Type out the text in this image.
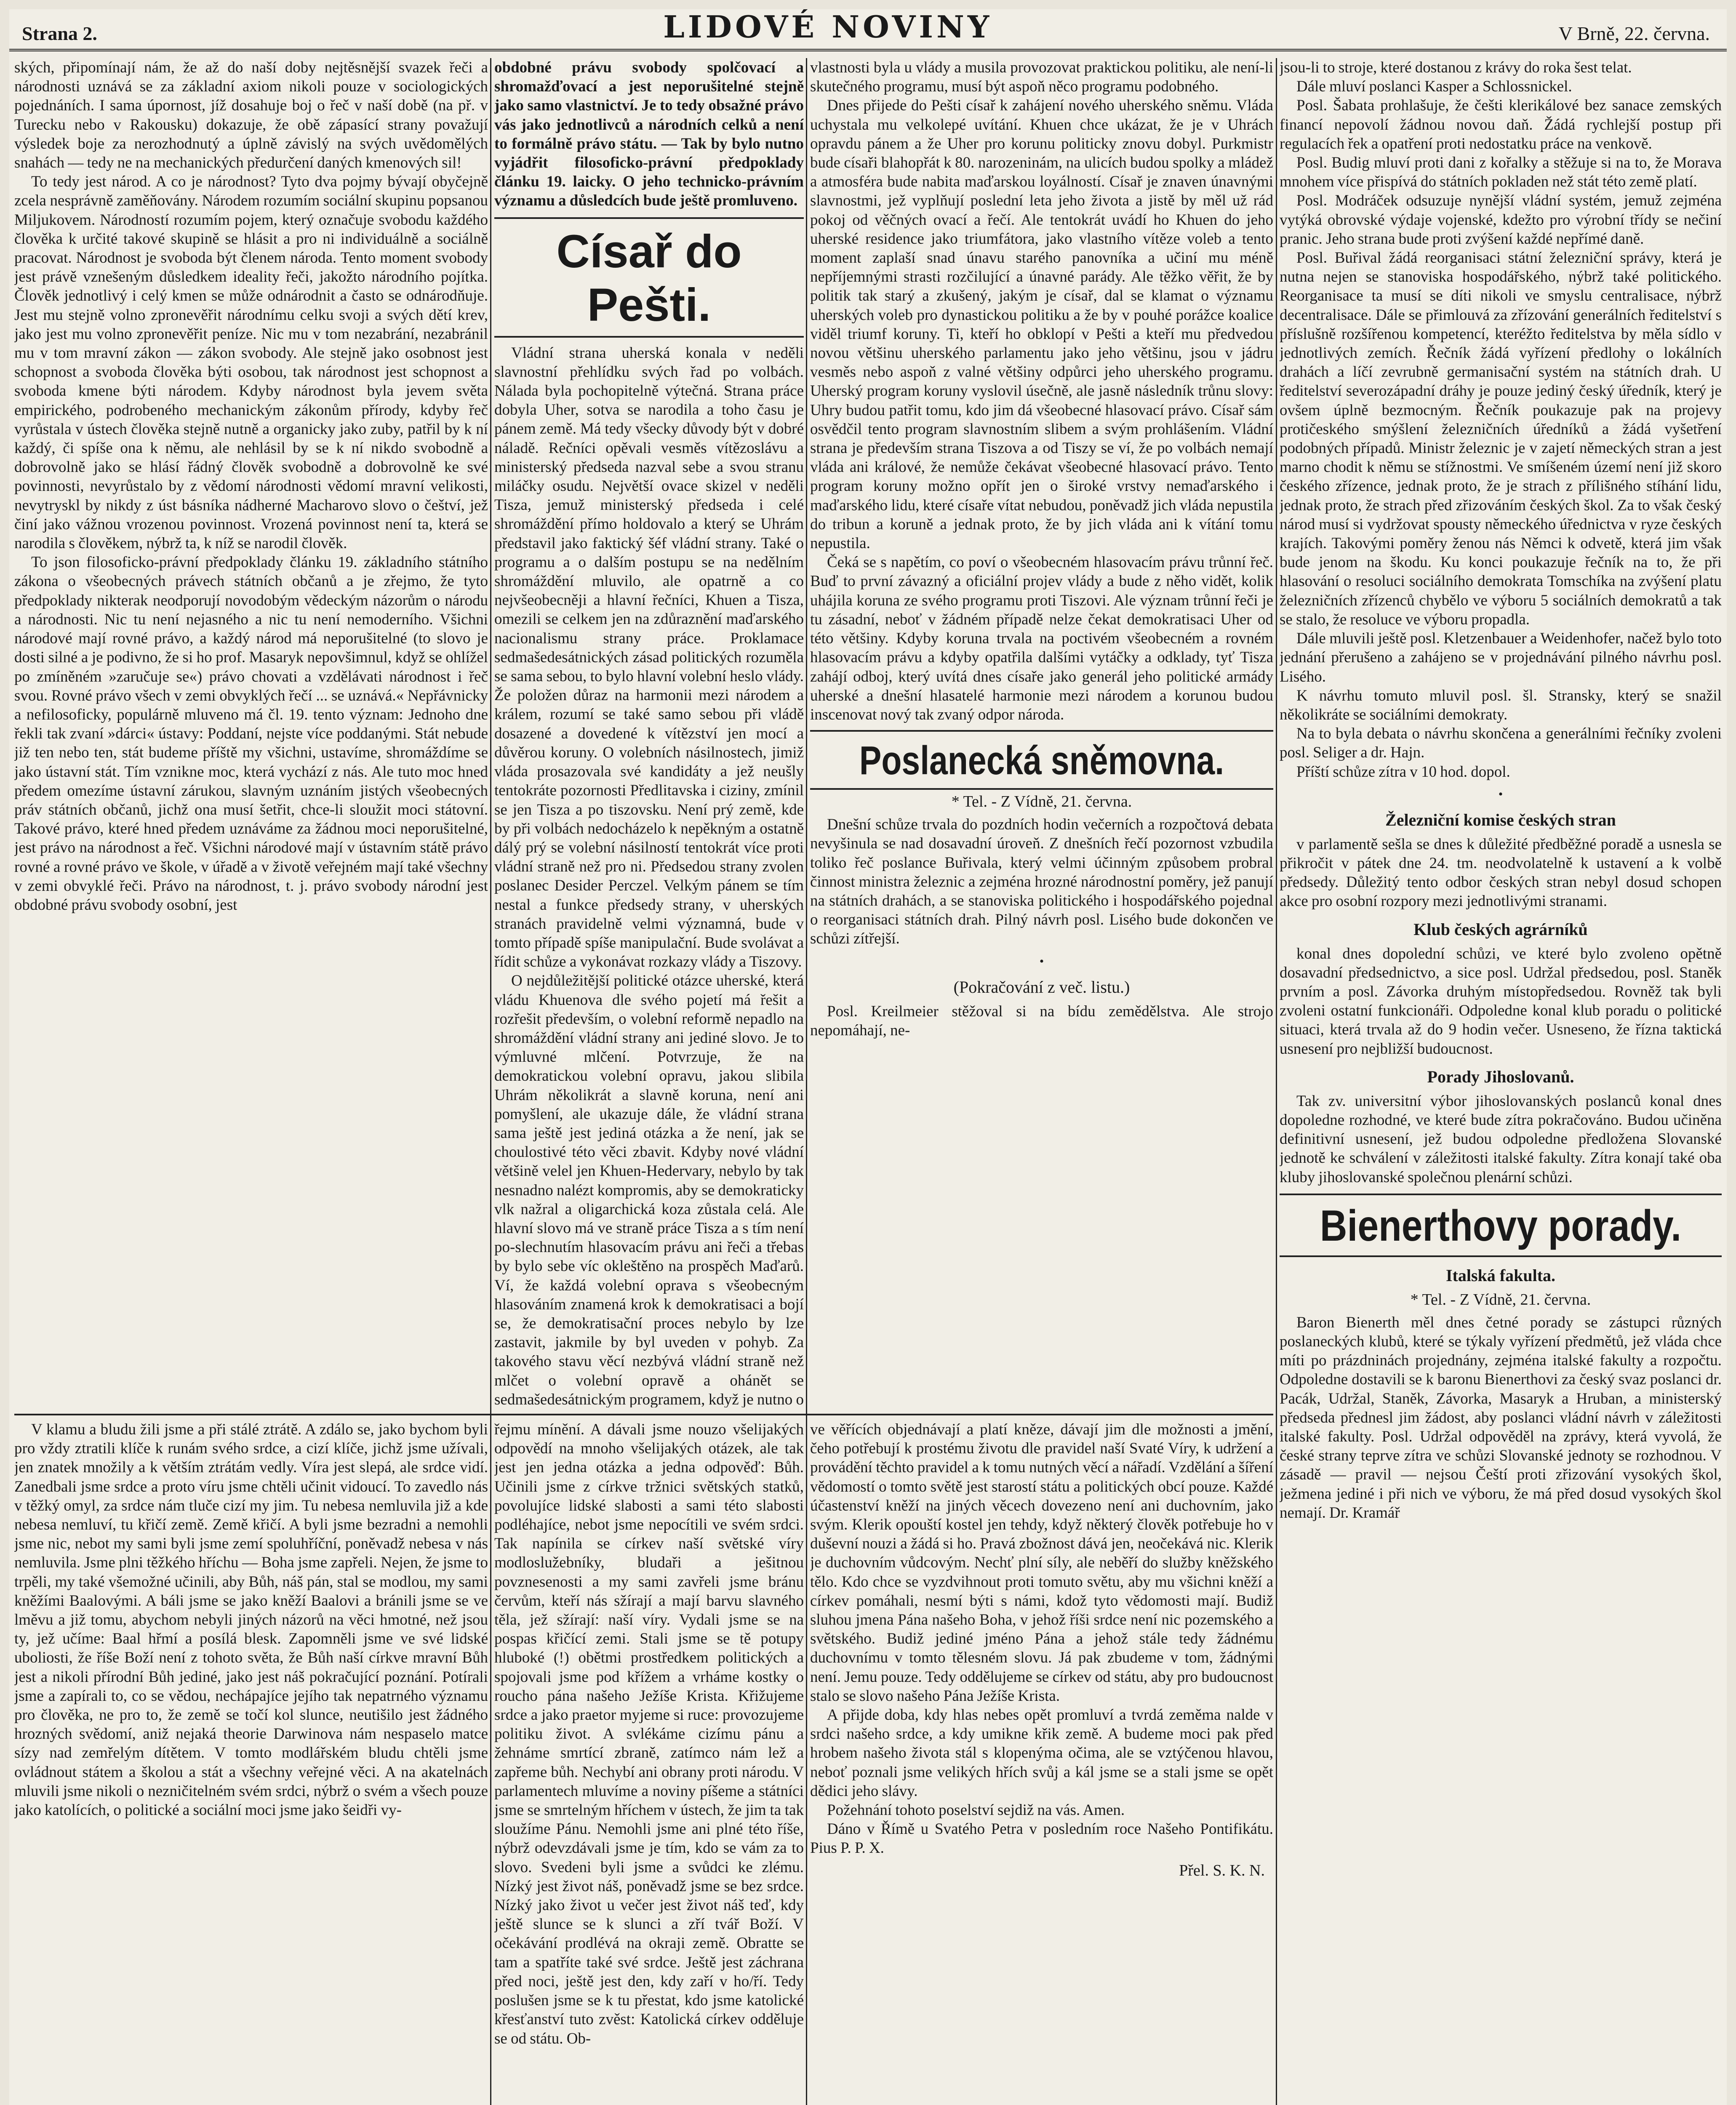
Strana 2.	LIDOVÉ NOVINY	V Brně, 22. června.

ských, připomínají nám, že až do naší doby nejtěsnější svazek řeči a národnosti uznává se za základní axiom nikoli pouze v sociologických pojednáních. I sama úpornost, jíž dosahuje boj o řeč v naší době (na př. v Turecku nebo v Rakousku) dokazuje, že obě zápasící strany považují výsledek boje za nerozhodnutý a úplně závislý na svých uvědomělých snahách — tedy ne na mechanických předurčení daných kmenových sil!

To tedy jest národ. A co je národnost? Tyto dva pojmy bývají obyčejně zcela nesprávně zaměňovány. Národem rozumím sociální skupinu popsanou Miljukovem. Národností rozumím pojem, který označuje svobodu každého člověka k určité takové skupině se hlásit a pro ni individuálně a sociálně pracovat. Národnost je svoboda být členem národa. Tento moment svobody jest právě vznešeným důsledkem ideality řeči, jakožto národního pojítka. Člověk jednotlivý i celý kmen se může odnárodnit a často se odnárodňuje. Jest mu stejně volno zpronevěřit národnímu celku svoji a svých dětí krev, jako jest mu volno zpronevěřit peníze. Nic mu v tom nezabrání, nezabránil mu v tom mravní zákon — zákon svobody. Ale stejně jako osobnost jest schopnost a svoboda člověka býti osobou, tak národnost jest schopnost a svoboda kmene býti národem. Kdyby národnost byla jevem světa empirického, podrobeného mechanickým zákonům přírody, kdyby řeč vyrůstala v ústech člověka stejně nutně a organicky jako zuby, patřil by k ní každý, či spíše ona k němu, ale nehlásil by se k ní nikdo svobodně a dobrovolně jako se hlásí řádný člověk svobodně a dobrovolně ke své povinnosti, nevyrůstalo by z vědomí národnosti vědomí mravní velikosti, nevytryskl by nikdy z úst básníka nádherné Macharovo slovo o češtví, jež činí jako vážnou vrozenou povinnost. Vrozená povinnost není ta, která se narodila s člověkem, nýbrž ta, k níž se narodil člověk.

To json filosoficko-právní předpoklady článku 19. základního státního zákona o všeobecných právech státních občanů a je zřejmo, že tyto předpoklady nikterak neodporují novodobým vědeckým názorům o národu a národnosti. Nic tu není nejasného a nic tu není nemoderního. Všichni národové mají rovné právo, a každý národ má neporušitelné (to slovo je dosti silné a je podivno, že si ho prof. Masaryk nepovšimnul, když se ohlížel po zmíněném »zaručuje se«) právo chovati a vzdělávati národnost i řeč svou. Rovné právo všech v zemi obvyklých řečí ... se uznává.« Nepřávnicky a nefilosoficky, populárně mluveno má čl. 19. tento význam: Jednoho dne řekli tak zvaní »dárci« ústavy: Poddaní, nejste více poddanými. Stát nebude již ten nebo ten, stát budeme příště my všichni, ustavíme, shromáždíme se jako ústavní stát. Tím vznikne moc, která vychází z nás. Ale tuto moc hned předem omezíme ústavní zárukou, slavným uznáním jistých všeobecných práv státních občanů, jichž ona musí šetřit, chce-li sloužit moci státovní. Takové právo, které hned předem uznáváme za žádnou moci neporušitelné, jest právo na národnost a řeč. Všichni národové mají v ústavním státě právo rovné a rovné právo ve škole, v úřadě a v životě veřejném mají také všechny v zemi obvyklé řeči. Právo na národnost, t. j. právo svobody národní jest obdobné právu svobody osobní, jest

V klamu a bludu žili jsme a při stálé ztrátě. A zdálo se, jako bychom byli pro vždy ztratili klíče k runám svého srdce, a cizí klíče, jichž jsme užívali, jen znatek množily a k větším ztrátám vedly. Víra jest slepá, ale srdce vidí. Zanedbali jsme srdce a proto víru jsme chtěli učinit vidoucí. To zavedlo nás v těžký omyl, za srdce nám tluče cizí my jim. Tu nebesa nemluvila již a kde nebesa nemluví, tu křičí země. Země křičí. A byli jsme bezradni a nemohli jsme nic, nebot my sami byli jsme zemí spoluhříční, poněvadž nebesa v nás nemluvila. Jsme plni těžkého hříchu — Boha jsme zapřeli. Nejen, že jsme to trpěli, my také všemožné učinili, aby Bůh, náš pán, stal se modlou, my sami kněžími Baalovými. A báli jsme se jako kněží Baalovi a bránili jsme se ve lměvu a již tomu, abychom nebyli jiných názorů na věci hmotné, než jsou ty, jež učíme: Baal hřmí a posílá blesk. Zapomněli jsme ve své lidské uboliosti, že říše Boží není z tohoto světa, že Bůh naší církve mravní Bůh jest a nikoli přírodní Bůh jediné, jako jest náš pokračující poznání. Potírali jsme a zapírali to, co se vědou, nechápajíce jejího tak nepatrného významu pro člověka, ne pro to, že země se točí kol slunce, neutišilo jest žádného hrozných svědomí, aniž nejaká theorie Darwinova nám nespaselo matce sízy nad zemřelým dítětem. V tomto modlářském bludu chtěli jsme ovládnout státem a školou a stát a všechny veřejné věci. A na akatelnách mluvili jsme nikoli o nezničitelném svém srdci, nýbrž o svém a všech pouze jako katolících, o politické a sociální moci jsme jako šeidři vy-

obdobné právu svobody spolčovací a shromažďovací a jest neporušitelné stejně jako samo vlastnictví. Je to tedy obsažné právo vás jako jednotlivců a národních celků a není to formálně právo státu. — Tak by bylo nutno vyjádřit filosoficko-právní předpoklady článku 19. laicky. O jeho technicko-právním významu a důsledcích bude ještě promluveno.

Císař do Pešti.

Vládní strana uherská konala v neděli slavnostní přehlídku svých řad po volbách. Nálada byla pochopitelně výtečná. Strana práce dobyla Uher, sotva se narodila a toho času je pánem země. Má tedy všecky důvody být v dobré náladě. Rečníci opěvali vesměs vítězoslávu a ministerský předseda nazval sebe a svou stranu miláčky osudu. Největší ovace skizel v neděli Tisza, jemuž ministerský předseda i celé shromáždění přímo holdovalo a který se Uhrám představil jako faktický šéf vládní strany. Také o programu a o dalším postupu se na nedělním shromáždění mluvilo, ale opatrně a co nejvšeobecněji a hlavní řečníci, Khuen a Tisza, omezili se celkem jen na zdůraznění maďarského nacionalismu strany práce. Proklamace sedmašedesátnických zásad politických rozuměla se sama sebou, to bylo hlavní volební heslo vlády. Že položen důraz na harmonii mezi národem a králem, rozumí se také samo sebou při vládě dosazené a dovedené k vítězství jen mocí a důvěrou koruny. O volebních násilnostech, jimiž vláda prosazovala své kandidáty a jež neušly tentokráte pozornosti Předlitavska i ciziny, zmínil se jen Tisza a po tiszovsku. Není prý země, kde by při volbách nedocházelo k nepěkným a ostatně dálý prý se volební násilností tentokrát více proti vládní straně než pro ni. Předsedou strany zvolen poslanec Desider Perczel. Velkým pánem se tím nestal a funkce předsedy strany, v uherských stranách pravidelně velmi významná, bude v tomto případě spíše manipulační. Bude svolávat a řídit schůze a vykonávat rozkazy vlády a Tiszovy.

O nejdůležitější politické otázce uherské, která vládu Khuenova dle svého pojetí má řešit a rozřešit především, o volební reformě nepadlo na shromáždění vládní strany ani jediné slovo. Je to výmluvné mlčení. Potvrzuje, že na demokratickou volební opravu, jakou slibila Uhrám několikrát a slavně koruna, není ani pomyšlení, ale ukazuje dále, že vládní strana sama ještě jest jediná otázka a že není, jak se choulostivé této věci zbavit. Kdyby nové vládní většině velel jen Khuen-Hedervary, nebylo by tak nesnadno nalézt kompromis, aby se demokraticky vlk nažral a oligarchická koza zůstala celá. Ale hlavní slovo má ve straně práce Tisza a s tím není po-slechnutím hlasovacím právu ani řeči a třebas by bylo sebe víc okleštěno na prospěch Maďarů. Ví, že každá volební oprava s všeobecným hlasováním znamená krok k demokratisaci a bojí se, že demokratisační proces nebylo by lze zastavit, jakmile by byl uveden v pohyb. Za takového stavu věcí nezbývá vládní straně než mlčet o volební opravě a ohánět se sedmašedesátnickým programem, když je nutno o

řejmu mínění. A dávali jsme nouzo všelijakých odpovědí na mnoho všelijakých otázek, ale tak jest jen jedna otázka a jedna odpověď: Bůh. Učinili jsme z církve tržnici světských statků, povolujíce lidské slabosti a sami této slabosti podléhajíce, nebot jsme nepocítili ve svém srdci. Tak napínila se církev naší světské víry modloslužebníky, bludaři a ješitnou povznesenosti a my sami zavřeli jsme bránu červům, kteří nás sžírají a mají barvu slavného těla, jež sžírají: naší víry. Vydali jsme se na pospas křičící zemi. Stali jsme se tě potupy hluboké (!) obětmi prostředkem politických a spojovali jsme pod křížem a vrháme kostky o roucho pána našeho Ježíše Krista. Křižujeme srdce a jako praetor myjeme si ruce: provozujeme politiku život. A svlékáme cizímu pánu a žehnáme smrtící zbraně, zatímco nám lež a zapřeme bůh. Nechybí ani obrany proti národu. V parlamentech mluvíme a noviny píšeme a státníci jsme se smrtelným hříchem v ústech, že jim ta tak sloužíme Pánu. Nemohli jsme ani plné této říše, nýbrž odevzdávali jsme je tím, kdo se vám za to slovo. Svedeni byli jsme a svůdci ke zlému. Nízký jest život náš, poněvadž jsme se bez srdce. Nízký jako život u večer jest život náš teď, kdy ještě slunce se k slunci a zří tvář Boží. V očekávání prodlévá na okraji země. Obratte se tam a spatříte také své srdce. Ještě jest záchrana před noci, ještě jest den, kdy zaří v ho/ří. Tedy poslušen jsme se k tu přestat, kdo jsme katolické křesťanství tuto zvěst: Katolická církev odděluje se od státu. Ob-

vlastnosti byla u vlády a musila provozovat praktickou politiku, ale není-li skutečného programu, musí být aspoň něco programu podobného.

Dnes přijede do Pešti císař k zahájení nového uherského sněmu. Vláda uchystala mu velkolepé uvítání. Khuen chce ukázat, že je v Uhrách opravdu pánem a že Uher pro korunu politicky znovu dobyl. Purkmistr bude císaři blahopřát k 80. narozeninám, na ulicích budou spolky a mládež a atmosféra bude nabita maďarskou loyálností. Císař je znaven únavnými slavnostmi, jež vyplňují poslední leta jeho života a jistě by měl už rád pokoj od věčných ovací a řečí. Ale tentokrát uvádí ho Khuen do jeho uherské residence jako triumfátora, jako vlastního vítěze voleb a tento moment zaplaší snad únavu starého panovníka a učiní mu méně nepříjemnými strasti rozčilující a únavné parády. Ale těžko věřit, že by politik tak starý a zkušený, jakým je císař, dal se klamat o významu uherských voleb pro dynastickou politiku a že by v pouhé porážce koalice viděl triumf koruny. Ti, kteří ho obklopí v Pešti a kteří mu předvedou novou většinu uherského parlamentu jako jeho většinu, jsou v jádru vesměs nebo aspoň z valné většiny odpůrci jeho uherského programu. Uherský program koruny vyslovil úsečně, ale jasně následník trůnu slovy: Uhry budou patřit tomu, kdo jim dá všeobecné hlasovací právo. Císař sám osvědčil tento program slavnostním slibem a svým prohlášením. Vládní strana je především strana Tiszova a od Tiszy se ví, že po volbách nemají vláda ani králové, že nemůže čekávat všeobecné hlasovací právo. Tento program koruny možno opřít jen o široké vrstvy nemaďarského i maďarského lidu, které císaře vítat nebudou, poněvadž jich vláda nepustila do tribun a koruně a jednak proto, že by jich vláda ani k vítání tomu nepustila.

Čeká se s napětím, co poví o všeobecném hlasovacím právu trůnní řeč. Buď to první závazný a oficiální projev vlády a bude z něho vidět, kolik uhájila koruna ze svého programu proti Tiszovi. Ale význam trůnní řeči je tu zásadní, neboť v žádném případě nelze čekat demokratisaci Uher od této většiny. Kdyby koruna trvala na poctivém všeobecném a rovném hlasovacím právu a kdyby opatřila dalšími vytáčky a odklady, tyť Tisza zahájí odboj, který uvítá dnes císaře jako generál jeho politické armády uherské a dnešní hlasatelé harmonie mezi národem a korunou budou inscenovat nový tak zvaný odpor národa.

Poslanecká sněmovna.
* Tel. - Z Vídně, 21. června.

Dnešní schůze trvala do pozdních hodin večerních a rozpočtová debata nevyšinula se nad dosavadní úroveň. Z dnešních řečí pozornost vzbudila toliko řeč poslance Buřivala, který velmi účinným způsobem probral činnost ministra železnic a zejména hrozné národnostní poměry, jež panují na státních drahách, a se stanoviska politického i hospodářského pojednal o reorganisaci státních drah. Pilný návrh posl. Lisého bude dokončen ve schůzi zítřejší.

•
(Pokračování z več. listu.)

Posl. Kreilmeier stěžoval si na bídu zemědělstva. Ale strojo nepomáhají, ne-

ve věřících objednávají a platí kněze, dávají jim dle možnosti a jmění, čeho potřebují k prostému životu dle pravidel naší Svaté Víry, k udržení a provádění těchto pravidel a k tomu nutných věcí a nářadí. Vzdělání a šíření vědomostí o tomto světě jest starostí státu a politických obcí pouze. Každé účastenství kněží na jiných věcech dovezeno není ani duchovním, jako svým. Klerik opouští kostel jen tehdy, když některý člověk potřebuje ho v duševní nouzi a žádá si ho. Pravá zbožnost dává jen, neočekává nic. Klerik je duchovním vůdcovým. Nechť plní síly, ale neběří do služby kněžského tělo. Kdo chce se vyzdvihnout proti tomuto světu, aby mu všichni kněží a církev pomáhali, nesmí býti s námi, kdož tyto vědomosti mají. Budiž sluhou jmena Pána našeho Boha, v jehož říši srdce není nic pozemského a světského. Budiž jediné jméno Pána a jehož stále tedy žádnému duchovnímu v tomto tělesném slovu. Já pak zbudeme v tom, žádnými není. Jemu pouze. Tedy oddělujeme se církev od státu, aby pro budoucnost stalo se slovo našeho Pána Ježíše Krista.

A přijde doba, kdy hlas nebes opět promluví a tvrdá zeměma nalde v srdci našeho srdce, a kdy umikne křik země. A budeme moci pak před hrobem našeho života stál s klopenýma očima, ale se vztýčenou hlavou, neboť poznali jsme velikých hřích svůj a kál jsme se a stali jsme se opět dědici jeho slávy.

Požehnání tohoto poselství sejdiž na vás. Amen.

Dáno v Římě u Svatého Petra v posledním roce Našeho Pontifikátu. Pius P. P. X.

Přel. S. K. N.

jsou-li to stroje, které dostanou z krávy do roka šest telat.

Dále mluví poslanci Kasper a Schlossnickel.

Posl. Šabata prohlašuje, že češti klerikálové bez sanace zemských financí nepovolí žádnou novou daň. Žádá rychlejší postup při regulacích řek a opatření proti nedostatku práce na venkově.

Posl. Budig mluví proti dani z kořalky a stěžuje si na to, že Morava mnohem více přispívá do státních pokladen než stát této země platí.

Posl. Modráček odsuzuje nynější vládní systém, jemuž zejména vytýká obrovské výdaje vojenské, kdežto pro výrobní třídy se nečiní pranic. Jeho strana bude proti zvýšení každé nepřímé daně.

Posl. Buřival žádá reorganisaci státní železniční správy, která je nutna nejen se stanoviska hospodářského, nýbrž také politického. Reorganisace ta musí se díti nikoli ve smyslu centralisace, nýbrž decentralisace. Dále se přimlouvá za zřízování generálních ředitelství s příslušně rozšířenou kompetencí, kteréžto ředitelstva by měla sídlo v jednotlivých zemích. Řečník žádá vyřízení předlohy o lokálních drahách a líčí zevrubně germanisační systém na státních drah. U ředitelství severozápadní dráhy je pouze jediný český úředník, který je ovšem úplně bezmocným. Řečník poukazuje pak na projevy protičeského smýšlení železničních úředníků a žádá vyšetření podobných případů. Ministr železnic je v zajetí německých stran a jest marno chodit k němu se stížnostmi. Ve smíšeném území není již skoro českého zřízence, jednak proto, že je strach z přílišného stíhání lidu, jednak proto, že strach před zřizováním českých škol. Za to však český národ musí si vydržovat spousty německého úřednictva v ryze českých krajích. Takovými poměry ženou nás Němci k odvetě, která jim však bude jenom na škodu. Ku konci poukazuje řečník na to, že při hlasování o resoluci sociálního demokrata Tomschíka na zvýšení platu železničních zřízenců chybělo ve výboru 5 sociálních demokratů a tak se stalo, že resoluce ve výboru propadla.

Dále mluvili ještě posl. Kletzenbauer a Weidenhofer, načež bylo toto jednání přerušeno a zahájeno se v projednávání pilného návrhu posl. Lisého.

K návrhu tomuto mluvil posl. šl. Stransky, který se snažil několikráte se sociálními demokraty.

Na to byla debata o návrhu skončena a generálními řečníky zvoleni posl. Seliger a dr. Hajn.

Příští schůze zítra v 10 hod. dopol.

•
Železniční komise českých stran

v parlamentě sešla se dnes k důležité předběžné poradě a usnesla se přikročit v pátek dne 24. tm. neodvolatelně k ustavení a k volbě předsedy. Důležitý tento odbor českých stran nebyl dosud schopen akce pro osobní rozpory mezi jednotlivými stranami.

Klub českých agrárníků

konal dnes dopolední schůzi, ve které bylo zvoleno opětně dosavadní předsednictvo, a sice posl. Udržal předsedou, posl. Staněk prvním a posl. Závorka druhým místopředsedou. Rovněž tak byli zvoleni ostatní funkcionáři. Odpoledne konal klub poradu o politické situaci, která trvala až do 9 hodin večer. Usneseno, že řízna taktická usnesení pro nejbližší budoucnost.

Porady Jihoslovanů.

Tak zv. universitní výbor jihoslovanských poslanců konal dnes dopoledne rozhodné, ve které bude zítra pokračováno. Budou učiněna definitivní usnesení, jež budou odpoledne předložena Slovanské jednotě ke schválení v záležitosti italské fakulty. Zítra konají také oba kluby jihoslovanské společnou plenární schůzi.

Bienerthovy porady.
Italská fakulta.
* Tel. - Z Vídně, 21. června.

Baron Bienerth měl dnes četné porady se zástupci různých poslaneckých klubů, které se týkaly vyřízení předmětů, jež vláda chce míti po prázdninách projednány, zejména italské fakulty a rozpočtu. Odpoledne dostavili se k baronu Bienerthovi za český svaz poslanci dr. Pacák, Udržal, Staněk, Závorka, Masaryk a Hruban, a ministerský předseda přednesl jim žádost, aby poslanci vládní návrh v záležitosti italské fakulty. Posl. Udržal odpověděl na zprávy, která vyvolá, že české strany teprve zítra ve schůzi Slovanské jednoty se rozhodnou. V zásadě — pravil — nejsou Čeští proti zřizování vysokých škol, ježmena jediné i při nich ve výboru, že má před dosud vysokých škol nemají. Dr. Kramář
